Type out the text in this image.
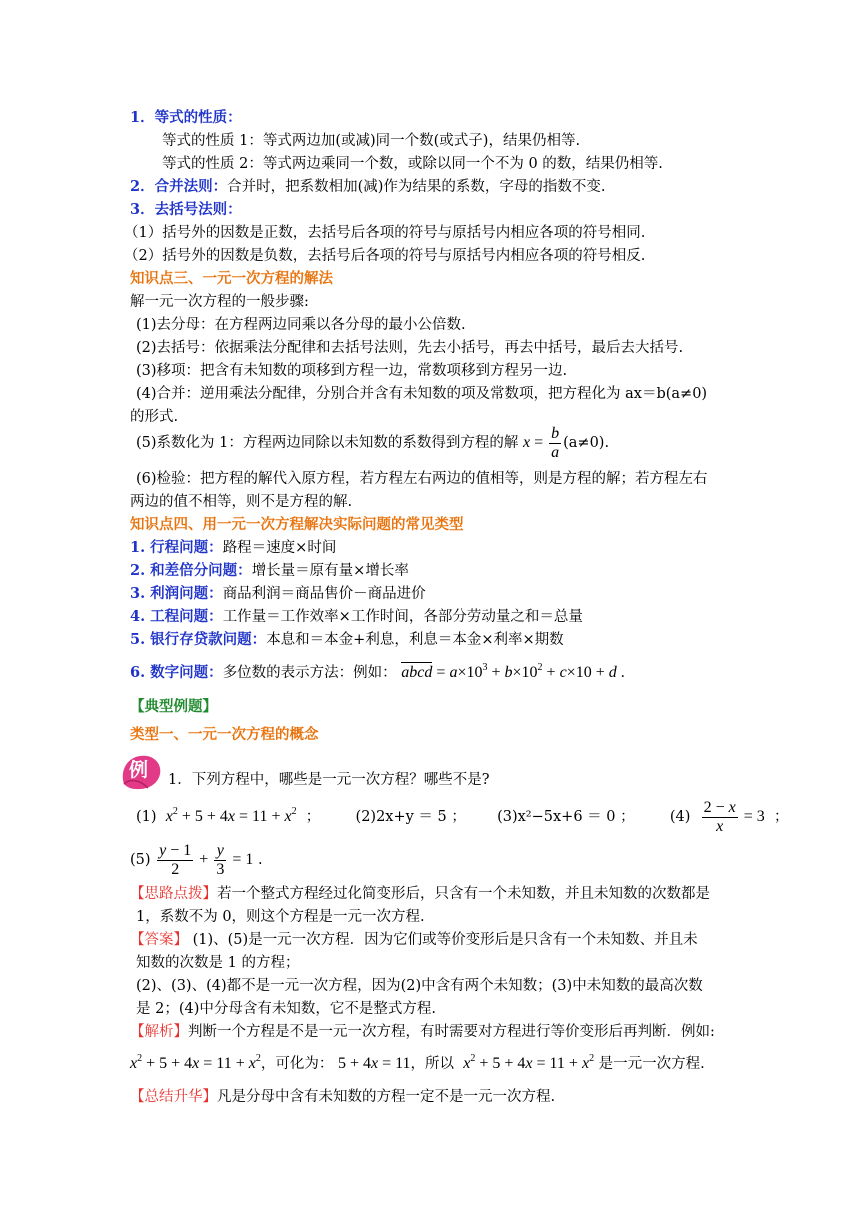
1．等式的性质：
等式的性质 1：等式两边加(或减)同一个数(或式子)，结果仍相等.
等式的性质 2：等式两边乘同一个数，或除以同一个不为 0 的数，结果仍相等.
2．合并法则：合并时，把系数相加(减)作为结果的系数，字母的指数不变.
3．去括号法则：
（1）括号外的因数是正数，去括号后各项的符号与原括号内相应各项的符号相同.
（2）括号外的因数是负数，去括号后各项的符号与原括号内相应各项的符号相反.
知识点三、一元一次方程的解法
解一元一次方程的一般步骤:
(1)去分母：在方程两边同乘以各分母的最小公倍数.
(2)去括号：依据乘法分配律和去括号法则，先去小括号，再去中括号，最后去大括号.
(3)移项：把含有未知数的项移到方程一边，常数项移到方程另一边.
(4)合并：逆用乘法分配律，分别合并含有未知数的项及常数项，把方程化为 ax＝b(a≠0)
的形式.
(5)系数化为 1：方程两边同除以未知数的系数得到方程的解 $x = \frac{b}{a} (a\ne 0)$.
(6)检验：把方程的解代入原方程，若方程左右两边的值相等，则是方程的解；若方程左右
两边的值不相等，则不是方程的解.
知识点四、用一元一次方程解决实际问题的常见类型
1. 行程问题：路程＝速度×时间
2. 和差倍分问题：增长量＝原有量×增长率
3. 利润问题：商品利润＝商品售价－商品进价
4. 工程问题：工作量＝工作效率×工作时间，各部分劳动量之和＝总量
5. 银行存贷款问题：本息和＝本金+利息，利息＝本金×利率×期数
6. 数字问题：多位数的表示方法：例如： abcd = $a\times 10^3 + b\times 10^2 + c\times 10 + d$ .
【典型例题】
类型一、一元一次方程的概念
例 1．下列方程中，哪些是一元一次方程？哪些不是?
(1)  $x^2 + 5 + 4x = 11 + x^2$  ； (2)2x+y ＝ 5 ； (3)x²−5x+6 ＝ 0 ； $(4) \frac{2 - x}{x} = 3$  ；
$(5) \frac{y - 1}{2} + \frac{y}{3} = 1$ .
【思路点拨】若一个整式方程经过化简变形后，只含有一个未知数，并且未知数的次数都是
1，系数不为 0，则这个方程是一元一次方程.
【答案】 (1)、(5)是一元一次方程．因为它们或等价变形后是只含有一个未知数、并且未
知数的次数是 1 的方程；
(2)、(3)、(4)都不是一元一次方程，因为(2)中含有两个未知数；(3)中未知数的最高次数
是 2；(4)中分母含有未知数，它不是整式方程.
【解析】判断一个方程是不是一元一次方程，有时需要对方程进行等价变形后再判断．例如:
$x^2 + 5 + 4x = 11 + x^2$，可化为： 5 + 4x = 11，所以 $x^2 + 5 + 4x = 11 + x^2$ 是一元一次方程.
【总结升华】凡是分母中含有未知数的方程一定不是一元一次方程.
